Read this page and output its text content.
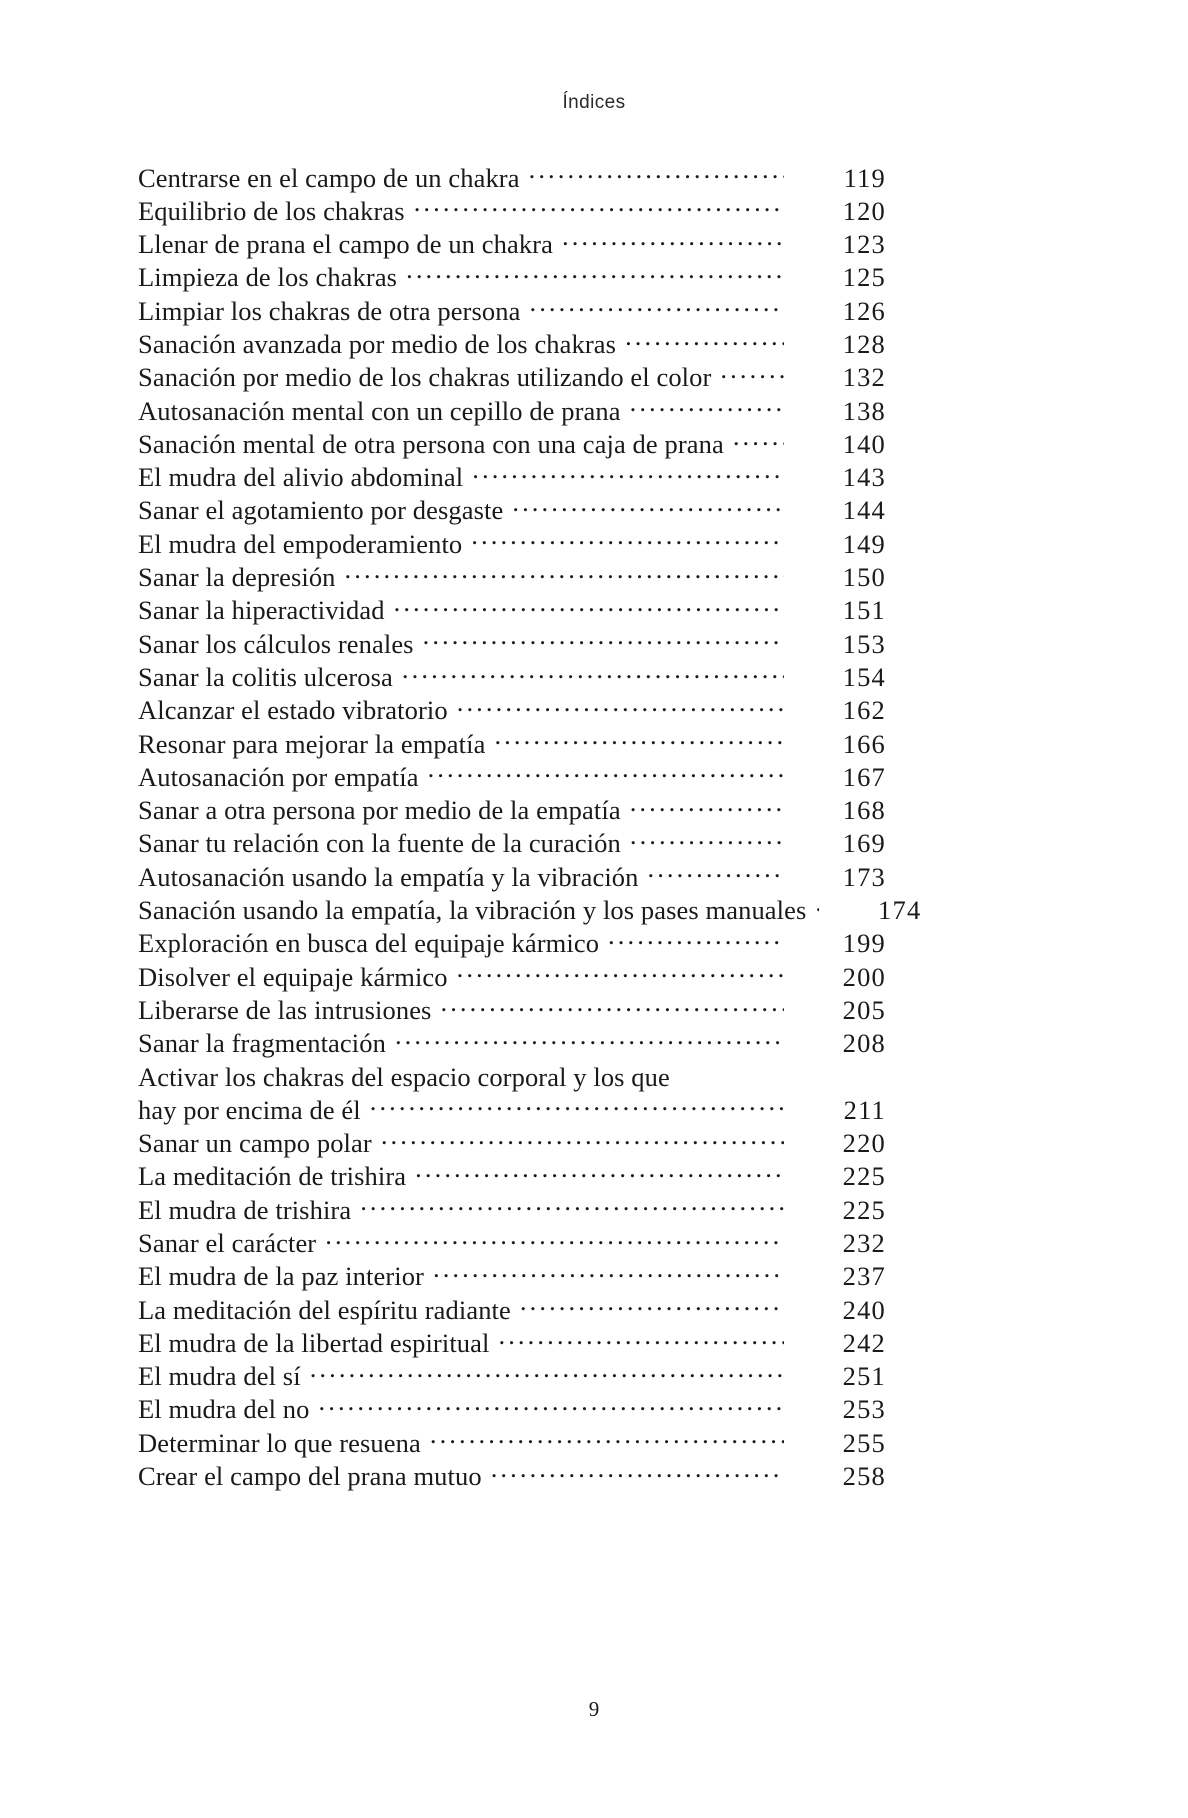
Índices
Centrarse en el campo de un chakra .....	119
Equilibrio de los chakras .....	120
Llenar de prana el campo de un chakra .....	123
Limpieza de los chakras .....	125
Limpiar los chakras de otra persona .....	126
Sanación avanzada por medio de los chakras .....	128
Sanación por medio de los chakras utilizando el color .....	132
Autosanación mental con un cepillo de prana .....	138
Sanación mental de otra persona con una caja de prana .....	140
El mudra del alivio abdominal .....	143
Sanar el agotamiento por desgaste .....	144
El mudra del empoderamiento .....	149
Sanar la depresión .....	150
Sanar la hiperactividad .....	151
Sanar los cálculos renales .....	153
Sanar la colitis ulcerosa .....	154
Alcanzar el estado vibratorio .....	162
Resonar para mejorar la empatía .....	166
Autosanación por empatía .....	167
Sanar a otra persona por medio de la empatía .....	168
Sanar tu relación con la fuente de la curación .....	169
Autosanación usando la empatía y la vibración .....	173
Sanación usando la empatía, la vibración y los pases manuales .....	174
Exploración en busca del equipaje kármico .....	199
Disolver el equipaje kármico .....	200
Liberarse de las intrusiones .....	205
Sanar la fragmentación .....	208
Activar los chakras del espacio corporal y los que
hay por encima de él .....	211
Sanar un campo polar .....	220
La meditación de trishira .....	225
El mudra de trishira .....	225
Sanar el carácter .....	232
El mudra de la paz interior .....	237
La meditación del espíritu radiante .....	240
El mudra de la libertad espiritual .....	242
El mudra del sí .....	251
El mudra del no .....	253
Determinar lo que resuena .....	255
Crear el campo del prana mutuo .....	258
9
